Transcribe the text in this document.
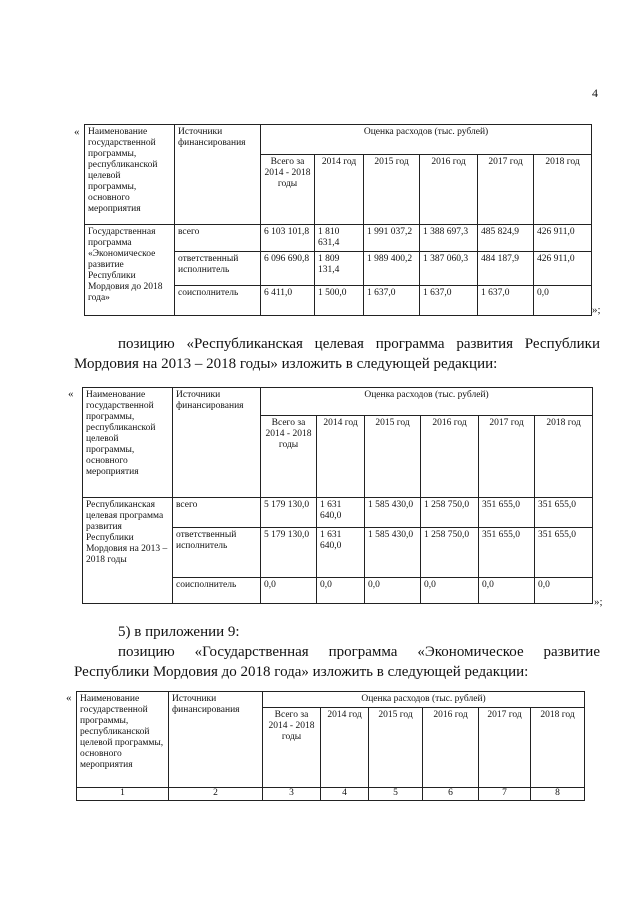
4
« Наименование государственной программы, республиканской целевой программы, основного мероприятия	Источники финансирования	Оценка расходов (тыс. рублей)					
		Всего за 2014 - 2018 годы	2014 год	2015 год	2016 год	2017 год	2018 год
Государственная программа «Экономическое развитие Республики Мордовия до 2018 года»	всего	6 103 101,8	1 810 631,4	1 991 037,2	1 388 697,3	485 824,9	426 911,0
	ответственный исполнитель	6 096 690,8	1 809 131,4	1 989 400,2	1 387 060,3	484 187,9	426 911,0
	соисполнитель	6 411,0	1 500,0	1 637,0	1 637,0	1 637,0	0,0
»;
позицию «Республиканская целевая программа развития Республики
Мордовия на 2013 – 2018 годы» изложить в следующей редакции:
« Наименование государственной программы, республиканской целевой программы, основного мероприятия	Источники финансирования	Оценка расходов (тыс. рублей)					
		Всего за 2014 - 2018 годы	2014 год	2015 год	2016 год	2017 год	2018 год
Республиканская целевая программа развития Республики Мордовия на 2013 – 2018 годы	всего	5 179 130,0	1 631 640,0	1 585 430,0	1 258 750,0	351 655,0	351 655,0
	ответственный исполнитель	5 179 130,0	1 631 640,0	1 585 430,0	1 258 750,0	351 655,0	351 655,0
	соисполнитель	0,0	0,0	0,0	0,0	0,0	0,0
»;
5) в приложении 9:
позицию «Государственная программа «Экономическое развитие
Республики Мордовия до 2018 года» изложить в следующей редакции:
« Наименование государственной программы, республиканской целевой программы, основного мероприятия	Источники финансирования	Оценка расходов (тыс. рублей)					
		Всего за 2014 - 2018 годы	2014 год	2015 год	2016 год	2017 год	2018 год
1	2	3	4	5	6	7	8
